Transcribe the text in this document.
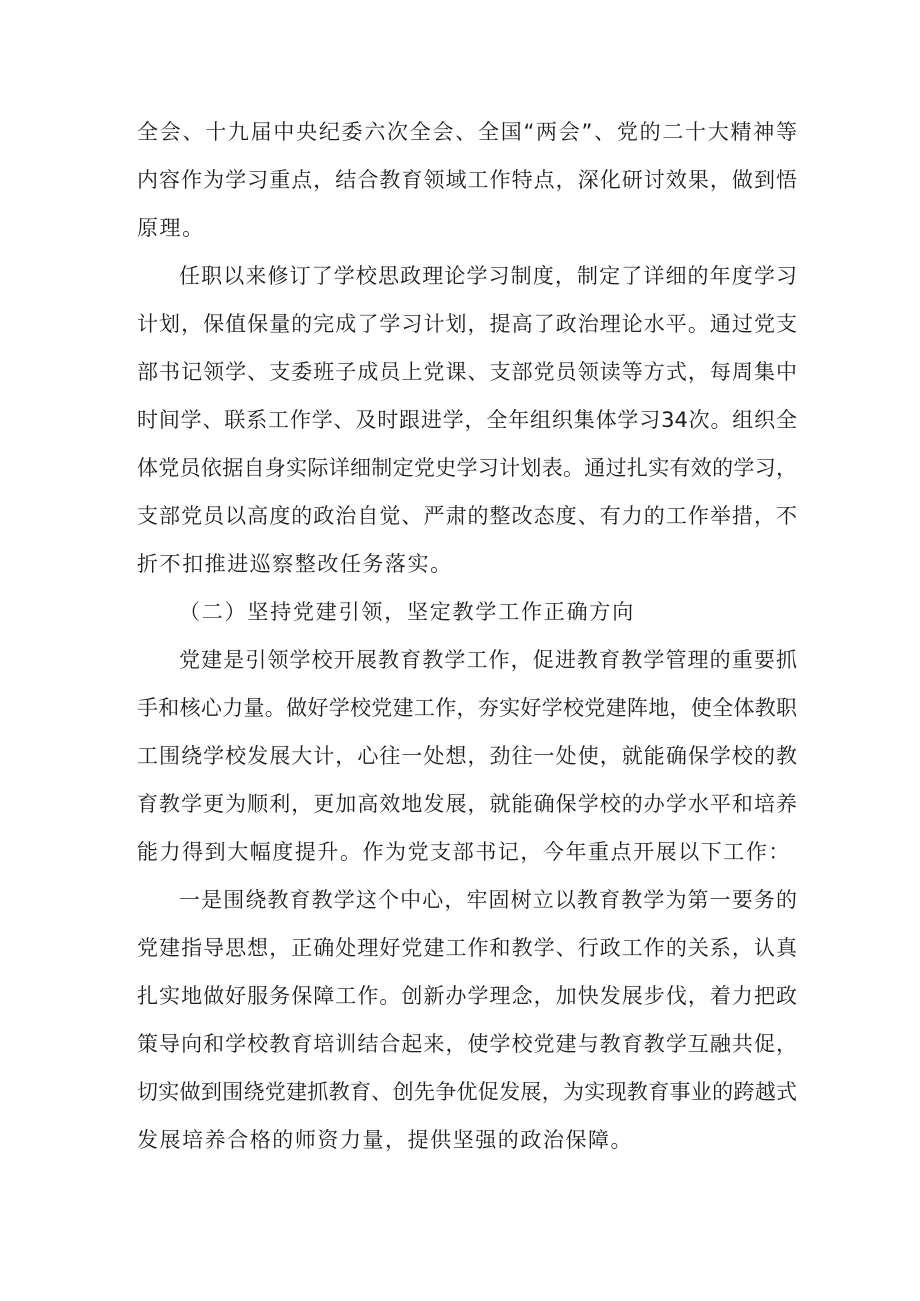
全会、十九届中央纪委六次全会、全国“两会”、党的二十大精神等

内容作为学习重点，结合教育领域工作特点，深化研讨效果，做到悟

原理。

任职以来修订了学校思政理论学习制度，制定了详细的年度学习

计划，保值保量的完成了学习计划，提高了政治理论水平。通过党支

部书记领学、支委班子成员上党课、支部党员领读等方式，每周集中

时间学、联系工作学、及时跟进学，全年组织集体学习34次。组织全

体党员依据自身实际详细制定党史学习计划表。通过扎实有效的学习，

支部党员以高度的政治自觉、严肃的整改态度、有力的工作举措，不

折不扣推进巡察整改任务落实。

（二）坚持党建引领，坚定教学工作正确方向

党建是引领学校开展教育教学工作，促进教育教学管理的重要抓

手和核心力量。做好学校党建工作，夯实好学校党建阵地，使全体教职

工围绕学校发展大计，心往一处想，劲往一处使，就能确保学校的教

育教学更为顺利，更加高效地发展，就能确保学校的办学水平和培养

能力得到大幅度提升。作为党支部书记，今年重点开展以下工作：

一是围绕教育教学这个中心，牢固树立以教育教学为第一要务的

党建指导思想，正确处理好党建工作和教学、行政工作的关系，认真

扎实地做好服务保障工作。创新办学理念，加快发展步伐，着力把政

策导向和学校教育培训结合起来，使学校党建与教育教学互融共促，

切实做到围绕党建抓教育、创先争优促发展，为实现教育事业的跨越式

发展培养合格的师资力量，提供坚强的政治保障。
